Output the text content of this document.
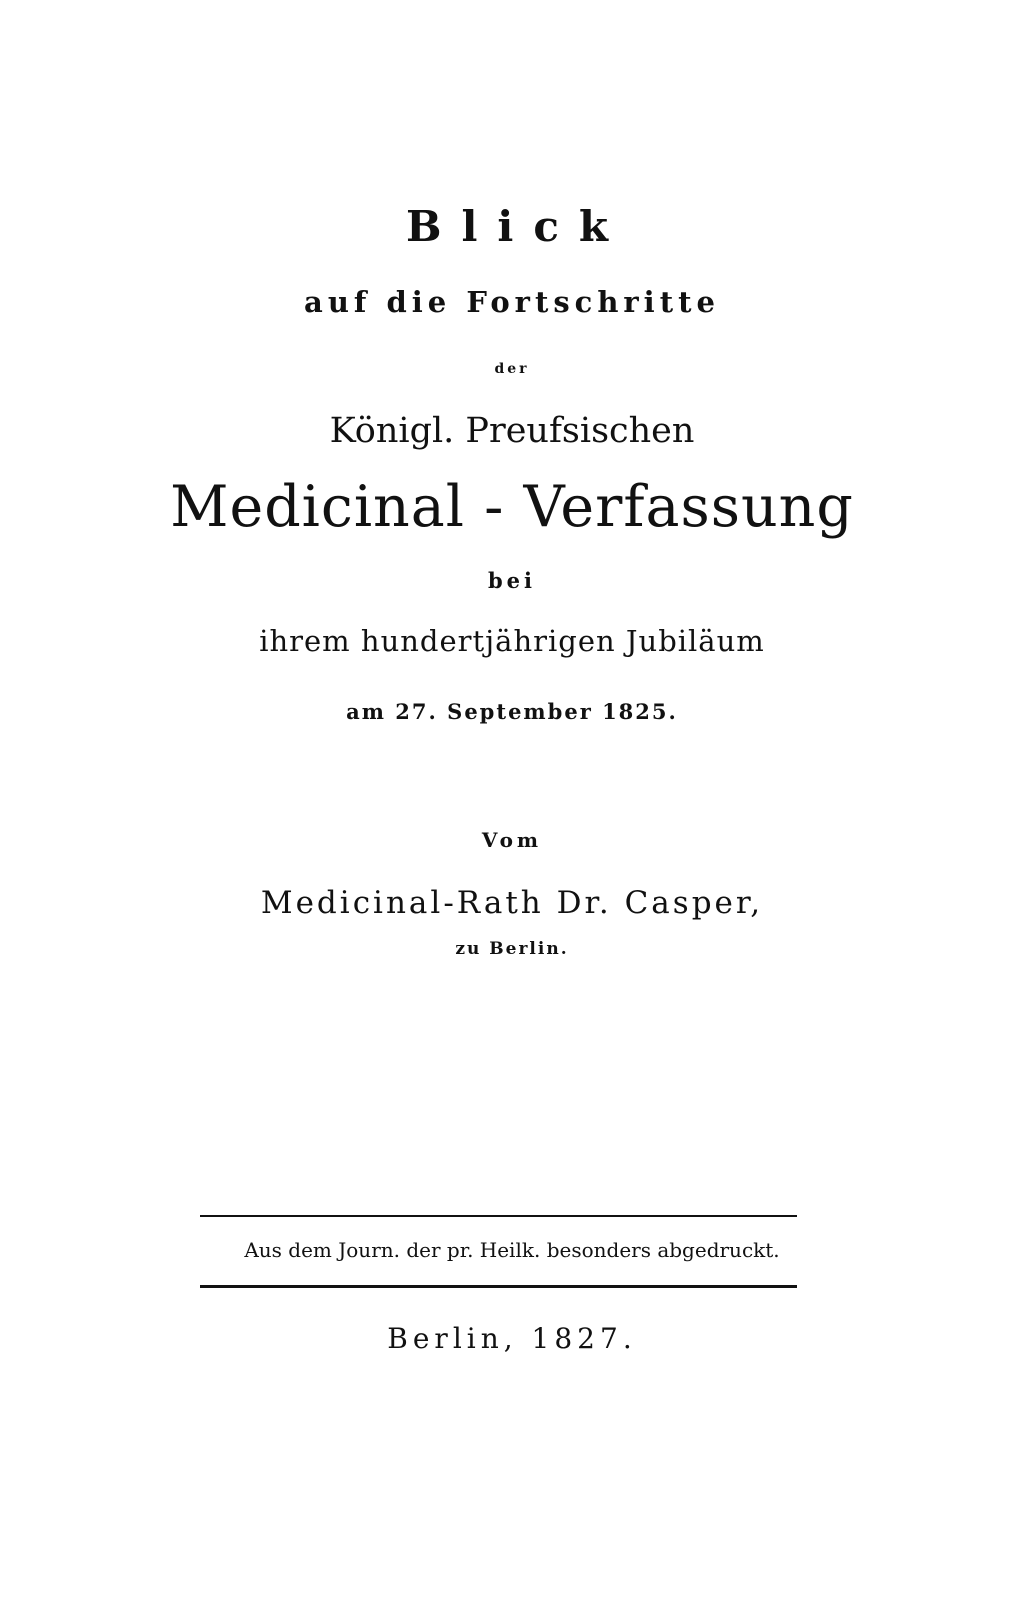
Blick
auf die Fortschritte
der
Königl. Preufsischen
Medicinal - Verfassung
bei
ihrem hundertjährigen Jubiläum
am 27. September 1825.
Vom
Medicinal-Rath Dr. Casper,
zu Berlin.
Aus dem Journ. der pr. Heilk. besonders abgedruckt.
Berlin, 1827.
